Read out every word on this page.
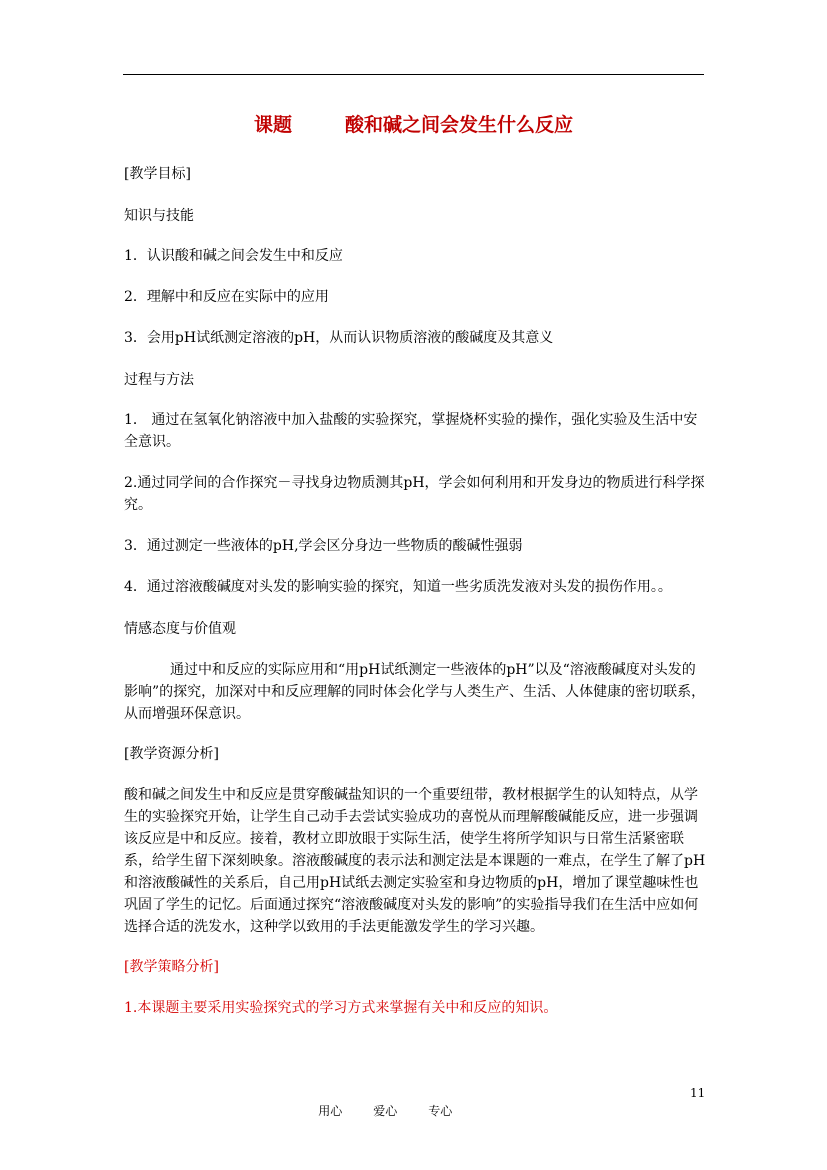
课题        酸和碱之间会发生什么反应

[教学目标]

知识与技能

1．认识酸和碱之间会发生中和反应

2．理解中和反应在实际中的应用

3．会用pH试纸测定溶液的pH，从而认识物质溶液的酸碱度及其意义

过程与方法

1． 通过在氢氧化钠溶液中加入盐酸的实验探究，掌握烧杯实验的操作，强化实验及生活中安全意识。

2.通过同学间的合作探究－寻找身边物质测其pH，学会如何利用和开发身边的物质进行科学探究。

3．通过测定一些液体的pH,学会区分身边一些物质的酸碱性强弱

4．通过溶液酸碱度对头发的影响实验的探究，知道一些劣质洗发液对头发的损伤作用。。

情感态度与价值观

通过中和反应的实际应用和“用pH试纸测定一些液体的pH”以及“溶液酸碱度对头发的影响”的探究，加深对中和反应理解的同时体会化学与人类生产、生活、人体健康的密切联系，从而增强环保意识。

[教学资源分析]

酸和碱之间发生中和反应是贯穿酸碱盐知识的一个重要纽带，教材根据学生的认知特点，从学生的实验探究开始，让学生自己动手去尝试实验成功的喜悦从而理解酸碱能反应，进一步强调该反应是中和反应。接着，教材立即放眼于实际生活，使学生将所学知识与日常生活紧密联系，给学生留下深刻映象。溶液酸碱度的表示法和测定法是本课题的一难点，在学生了解了pH和溶液酸碱性的关系后，自己用pH试纸去测定实验室和身边物质的pH，增加了课堂趣味性也巩固了学生的记忆。后面通过探究“溶液酸碱度对头发的影响”的实验指导我们在生活中应如何选择合适的洗发水，这种学以致用的手法更能激发学生的学习兴趣。

[教学策略分析]

1.本课题主要采用实验探究式的学习方式来掌握有关中和反应的知识。

用心	爱心	专心

11
